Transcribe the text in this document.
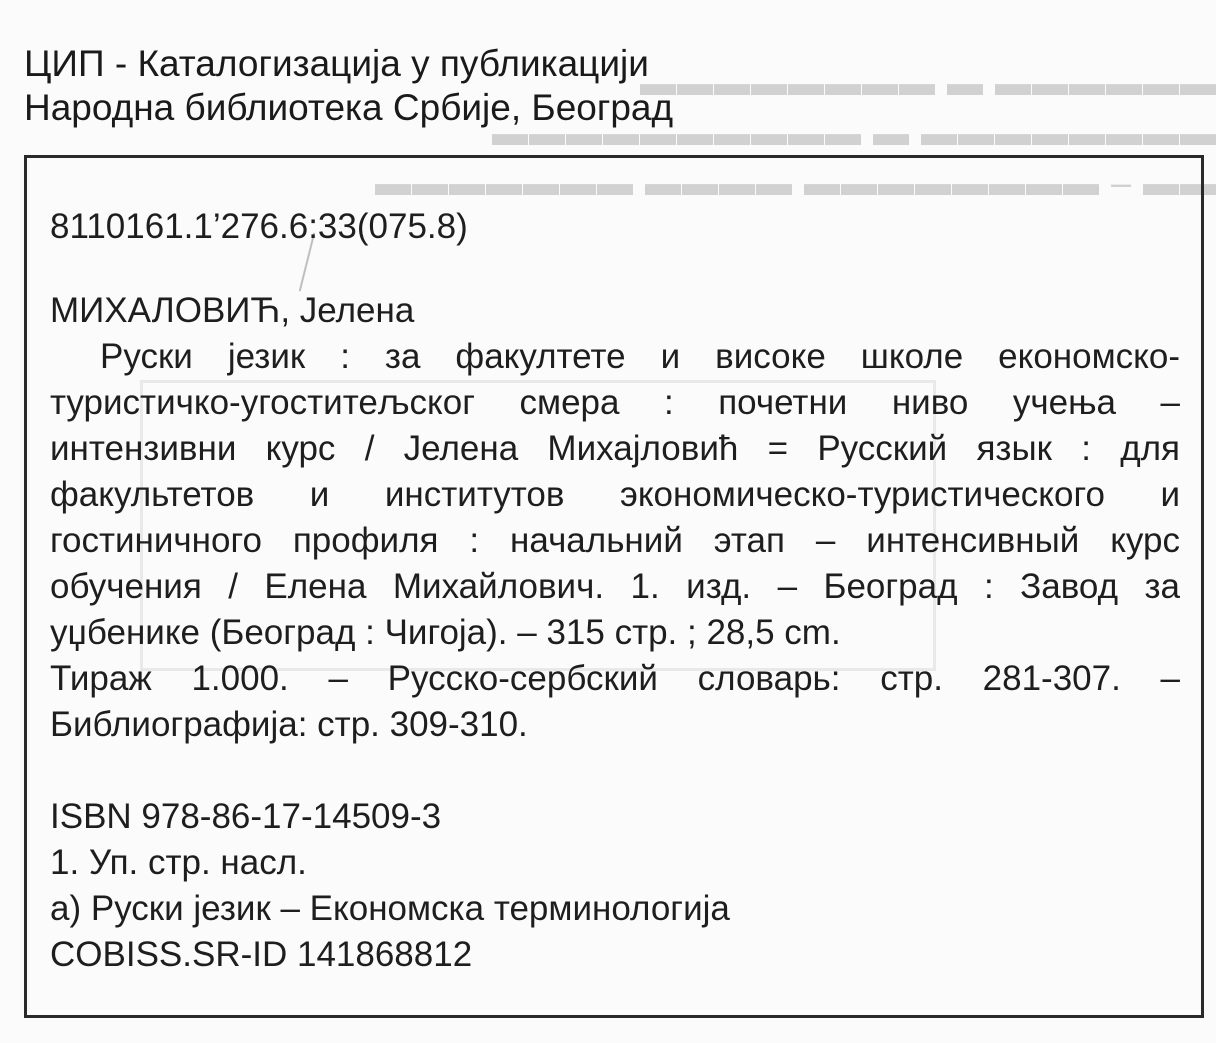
▬▬▬▬▬▬ ▬ ▬▬▬▬▬▬▬▬
▬▬▬▬▬▬▬▬ ▬ ▬▬▬▬▬▬▬▬▬▬
▬▬ – ▬▬▬▬▬▬▬▬ ▬▬▬▬ ▬▬▬▬▬▬▬
ЦИП - Каталогизација у публикацији
Народна библиотека Србије, Београд
8110161.1’276.6:33(075.8)
МИХАЛОВИЋ, Јелена
Руски језик : за факултете и високе школе економско-
туристичко-угоститељског смера : почетни ниво учења –
интензивни курс / Јелена Михајловић = Русский язык : для
факультетов и институтов экономическо-туристического и
гостиничного профиля : начальний этап – интенсивный курс
обучения / Елена Михайлович. 1. изд. – Београд : Завод за
уџбенике (Београд : Чигоја). – 315 стр. ; 28,5 cm.
Тираж 1.000. – Русско-сербский словарь: стр. 281-307. –
Библиографија: стр. 309-310.
ISBN 978-86-17-14509-3
1. Уп. стр. насл.
а) Руски језик – Економска терминологија
COBISS.SR-ID 141868812
